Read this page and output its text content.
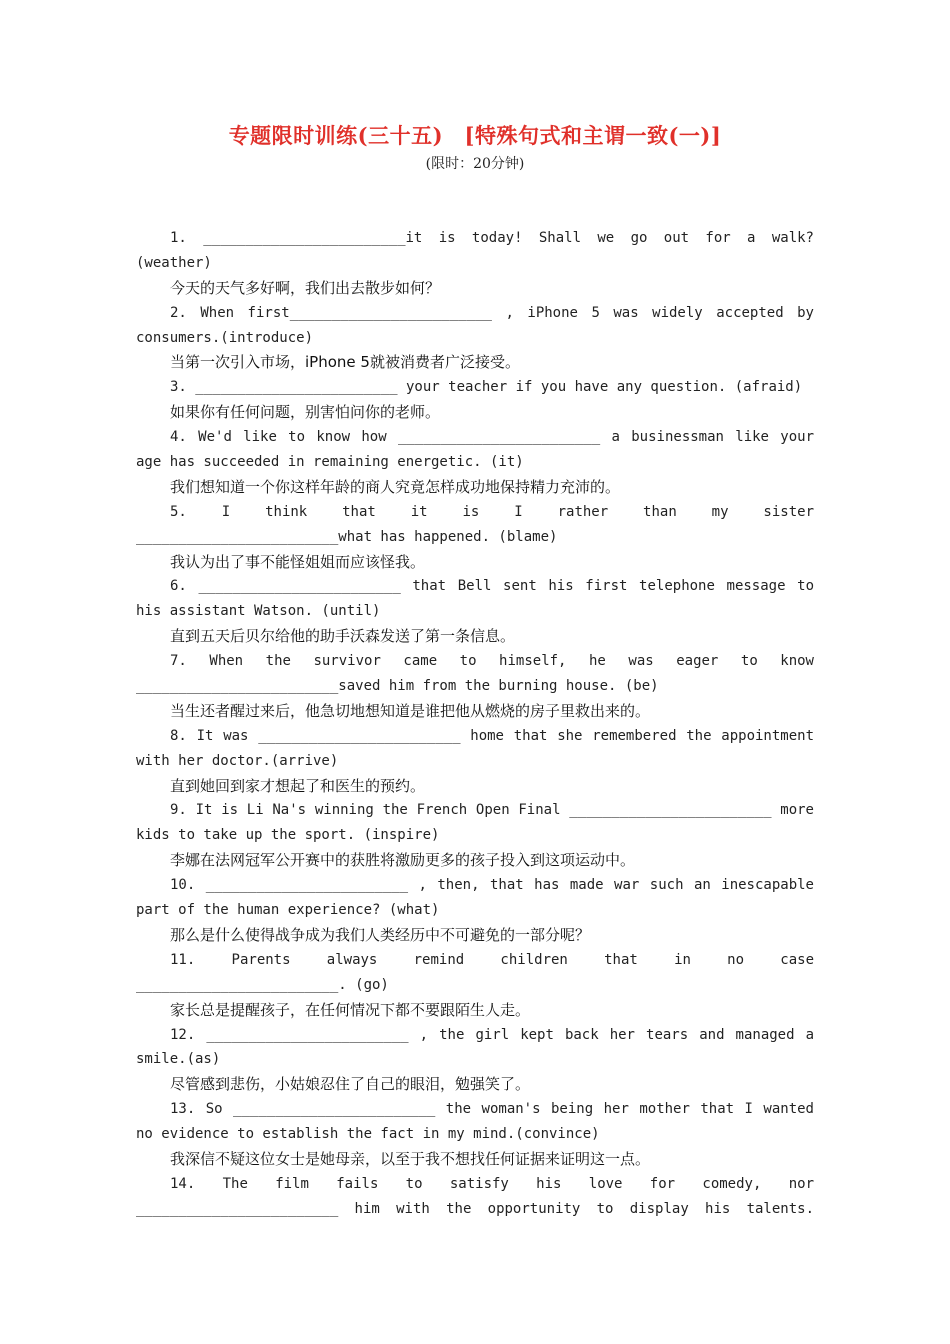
专题限时训练(三十五)　[特殊句式和主谓一致(一)]
(限时：20分钟)
1. ________________________it is today! Shall we go out for a walk?
(weather)
今天的天气多好啊，我们出去散步如何？
2. When first________________________ , iPhone 5 was widely accepted by
consumers.(introduce)
当第一次引入市场，iPhone 5就被消费者广泛接受。
3. ________________________ your teacher if you have any question. (afraid)
如果你有任何问题，别害怕问你的老师。
4. We'd like to know how ________________________ a businessman like your
age has succeeded in remaining energetic. (it)
我们想知道一个你这样年龄的商人究竟怎样成功地保持精力充沛的。
5. I think that it is I rather than my sister
________________________what has happened. (blame)
我认为出了事不能怪姐姐而应该怪我。
6. ________________________ that Bell sent his first telephone message to
his assistant Watson. (until)
直到五天后贝尔给他的助手沃森发送了第一条信息。
7. When the survivor came to himself, he was eager to know
________________________saved him from the burning house. (be)
当生还者醒过来后，他急切地想知道是谁把他从燃烧的房子里救出来的。
8. It was ________________________ home that she remembered the appointment
with her doctor.(arrive)
直到她回到家才想起了和医生的预约。
9. It is Li Na's winning the French Open Final ________________________ more
kids to take up the sport. (inspire)
李娜在法网冠军公开赛中的获胜将激励更多的孩子投入到这项运动中。
10. ________________________ , then, that has made war such an inescapable
part of the human experience? (what)
那么是什么使得战争成为我们人类经历中不可避免的一部分呢？
11. Parents always remind children that in no case
________________________. (go)
家长总是提醒孩子，在任何情况下都不要跟陌生人走。
12. ________________________ , the girl kept back her tears and managed a
smile.(as)
尽管感到悲伤，小姑娘忍住了自己的眼泪，勉强笑了。
13. So ________________________ the woman's being her mother that I wanted
no evidence to establish the fact in my mind.(convince)
我深信不疑这位女士是她母亲，以至于我不想找任何证据来证明这一点。
14. The film fails to satisfy his love for comedy, nor
________________________ him with the opportunity to display his talents.
